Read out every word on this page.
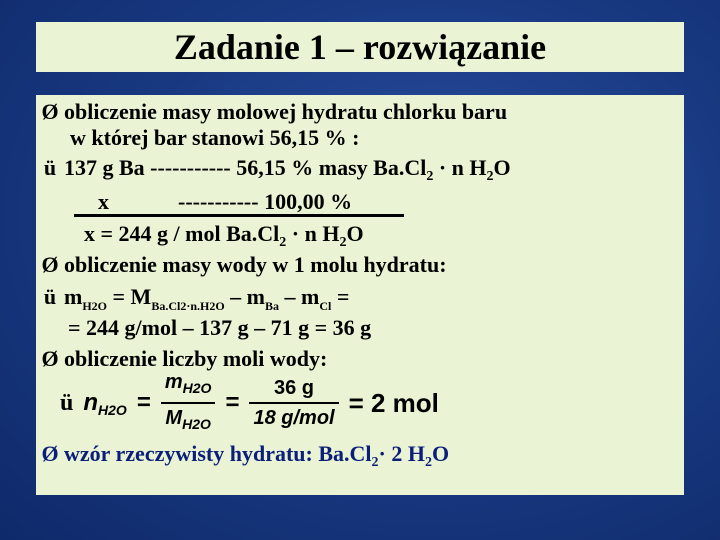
Zadanie 1 – rozwiązanie
Ø obliczenie masy molowej hydratu chlorku baru
w której bar stanowi 56,15 % :
ü 137 g Ba ----------- 56,15 % masy $Ba.Cl_2 \cdot n$ $H_2O$
x	----------- 100,00 %
x = 244 g / mol $Ba.Cl_2 \cdot n$ $H_2O$
Ø obliczenie masy wody w 1 molu hydratu:
ü $m_{H2O} = M_{Ba.Cl2\cdot n.H2O} - m_{Ba} - m_{Cl}$ =
= 244 g/mol – 137 g – 71 g = 36 g
Ø obliczenie liczby moli wody:
ü $n_{H2O} = \frac{m_{H2O}}{M_{H2O}} = \frac{36 g}{\text{18 g/mol}} = 2$ mol
Ø wzór rzeczywisty hydratu: $Ba.Cl_2\cdot 2$ $H_2O$
